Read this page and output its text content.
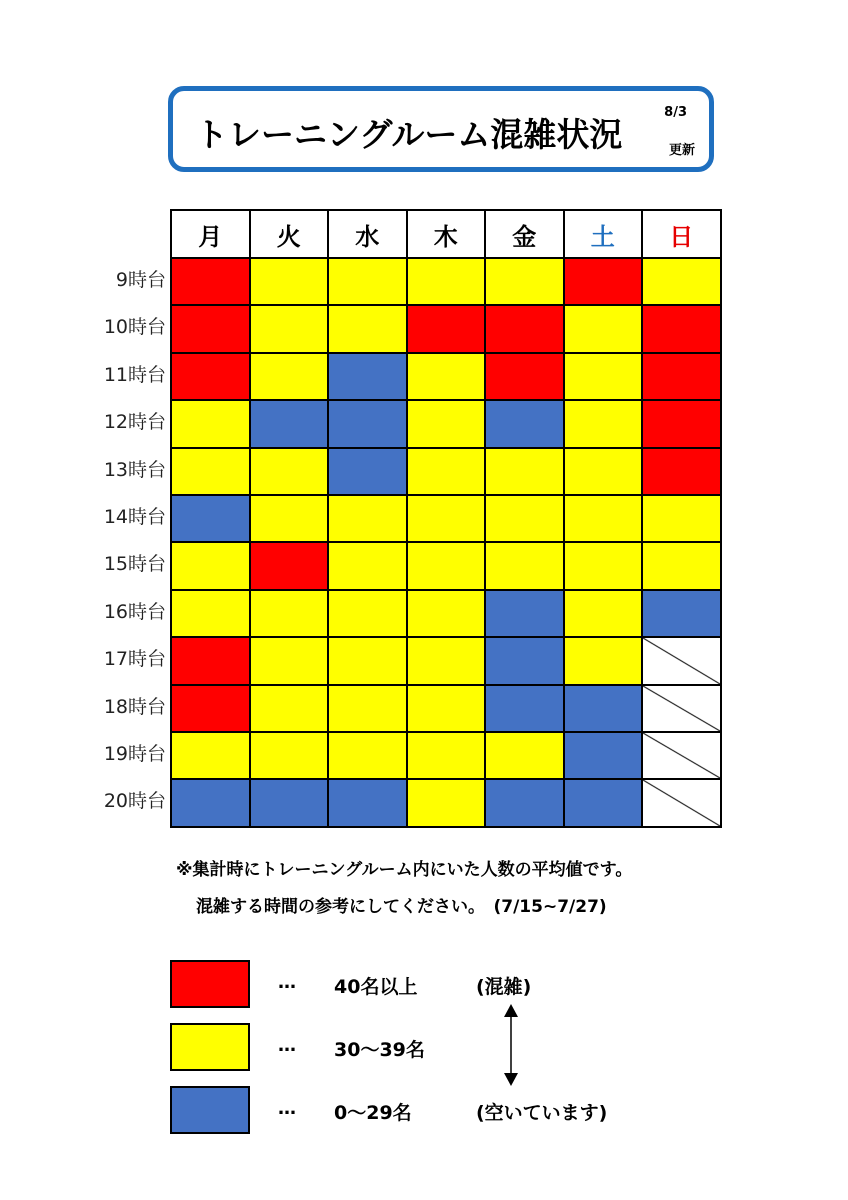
トレーニングルーム混雑状況
8/3
更新
月	火	水	木	金	土	日

9時台
10時台
11時台
12時台
13時台
14時台
15時台
16時台
17時台
18時台
19時台
20時台
※集計時にトレーニングルーム内にいた人数の平均値です。
混雑する時間の参考にしてください。　(7/15~7/27)
… 40名以上	(混雑)
… 30～39名
… 0～29名	(空いています)
